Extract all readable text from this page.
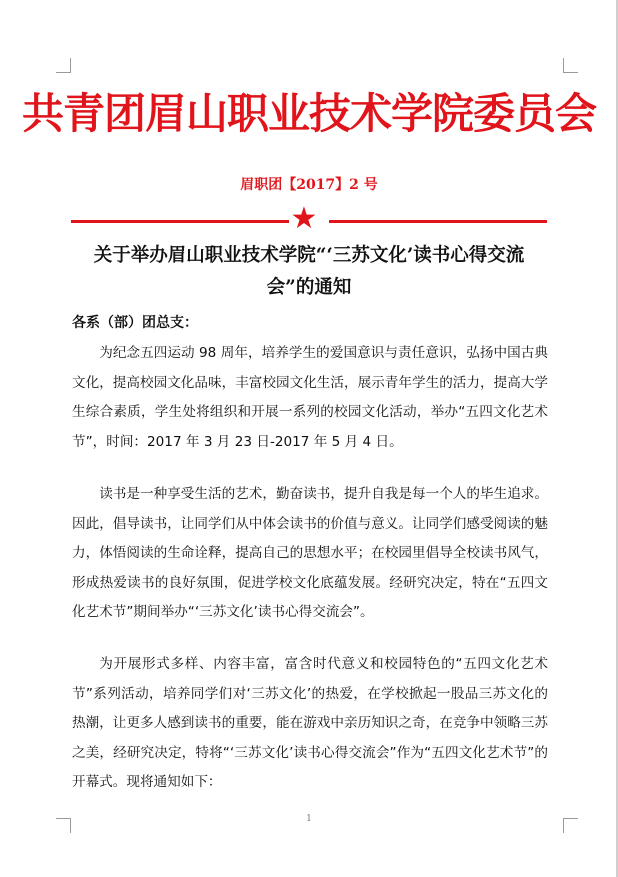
共青团眉山职业技术学院委员会
眉职团【2017】2 号
★
关于举办眉山职业技术学院“‘三苏文化’读书心得交流会”的通知
各系（部）团总支：
为纪念五四运动 98 周年，培养学生的爱国意识与责任意识，弘扬中国古典文化，提高校园文化品味，丰富校园文化生活，展示青年学生的活力，提高大学生综合素质，学生处将组织和开展一系列的校园文化活动，举办“五四文化艺术节”，时间：2017 年 3 月 23 日-2017 年 5 月 4 日。
读书是一种享受生活的艺术，勤奋读书，提升自我是每一个人的毕生追求。因此，倡导读书，让同学们从中体会读书的价值与意义。让同学们感受阅读的魅力，体悟阅读的生命诠释，提高自己的思想水平；在校园里倡导全校读书风气，形成热爱读书的良好氛围，促进学校文化底蕴发展。经研究决定，特在“五四文化艺术节”期间举办“‘三苏文化’读书心得交流会”。
为开展形式多样、内容丰富，富含时代意义和校园特色的“五四文化艺术节”系列活动，培养同学们对‘三苏文化’的热爱，在学校掀起一股品三苏文化的热潮，让更多人感到读书的重要，能在游戏中亲历知识之奇，在竞争中领略三苏之美，经研究决定，特将“‘三苏文化’读书心得交流会”作为“五四文化艺术节”的开幕式。现将通知如下：
1
